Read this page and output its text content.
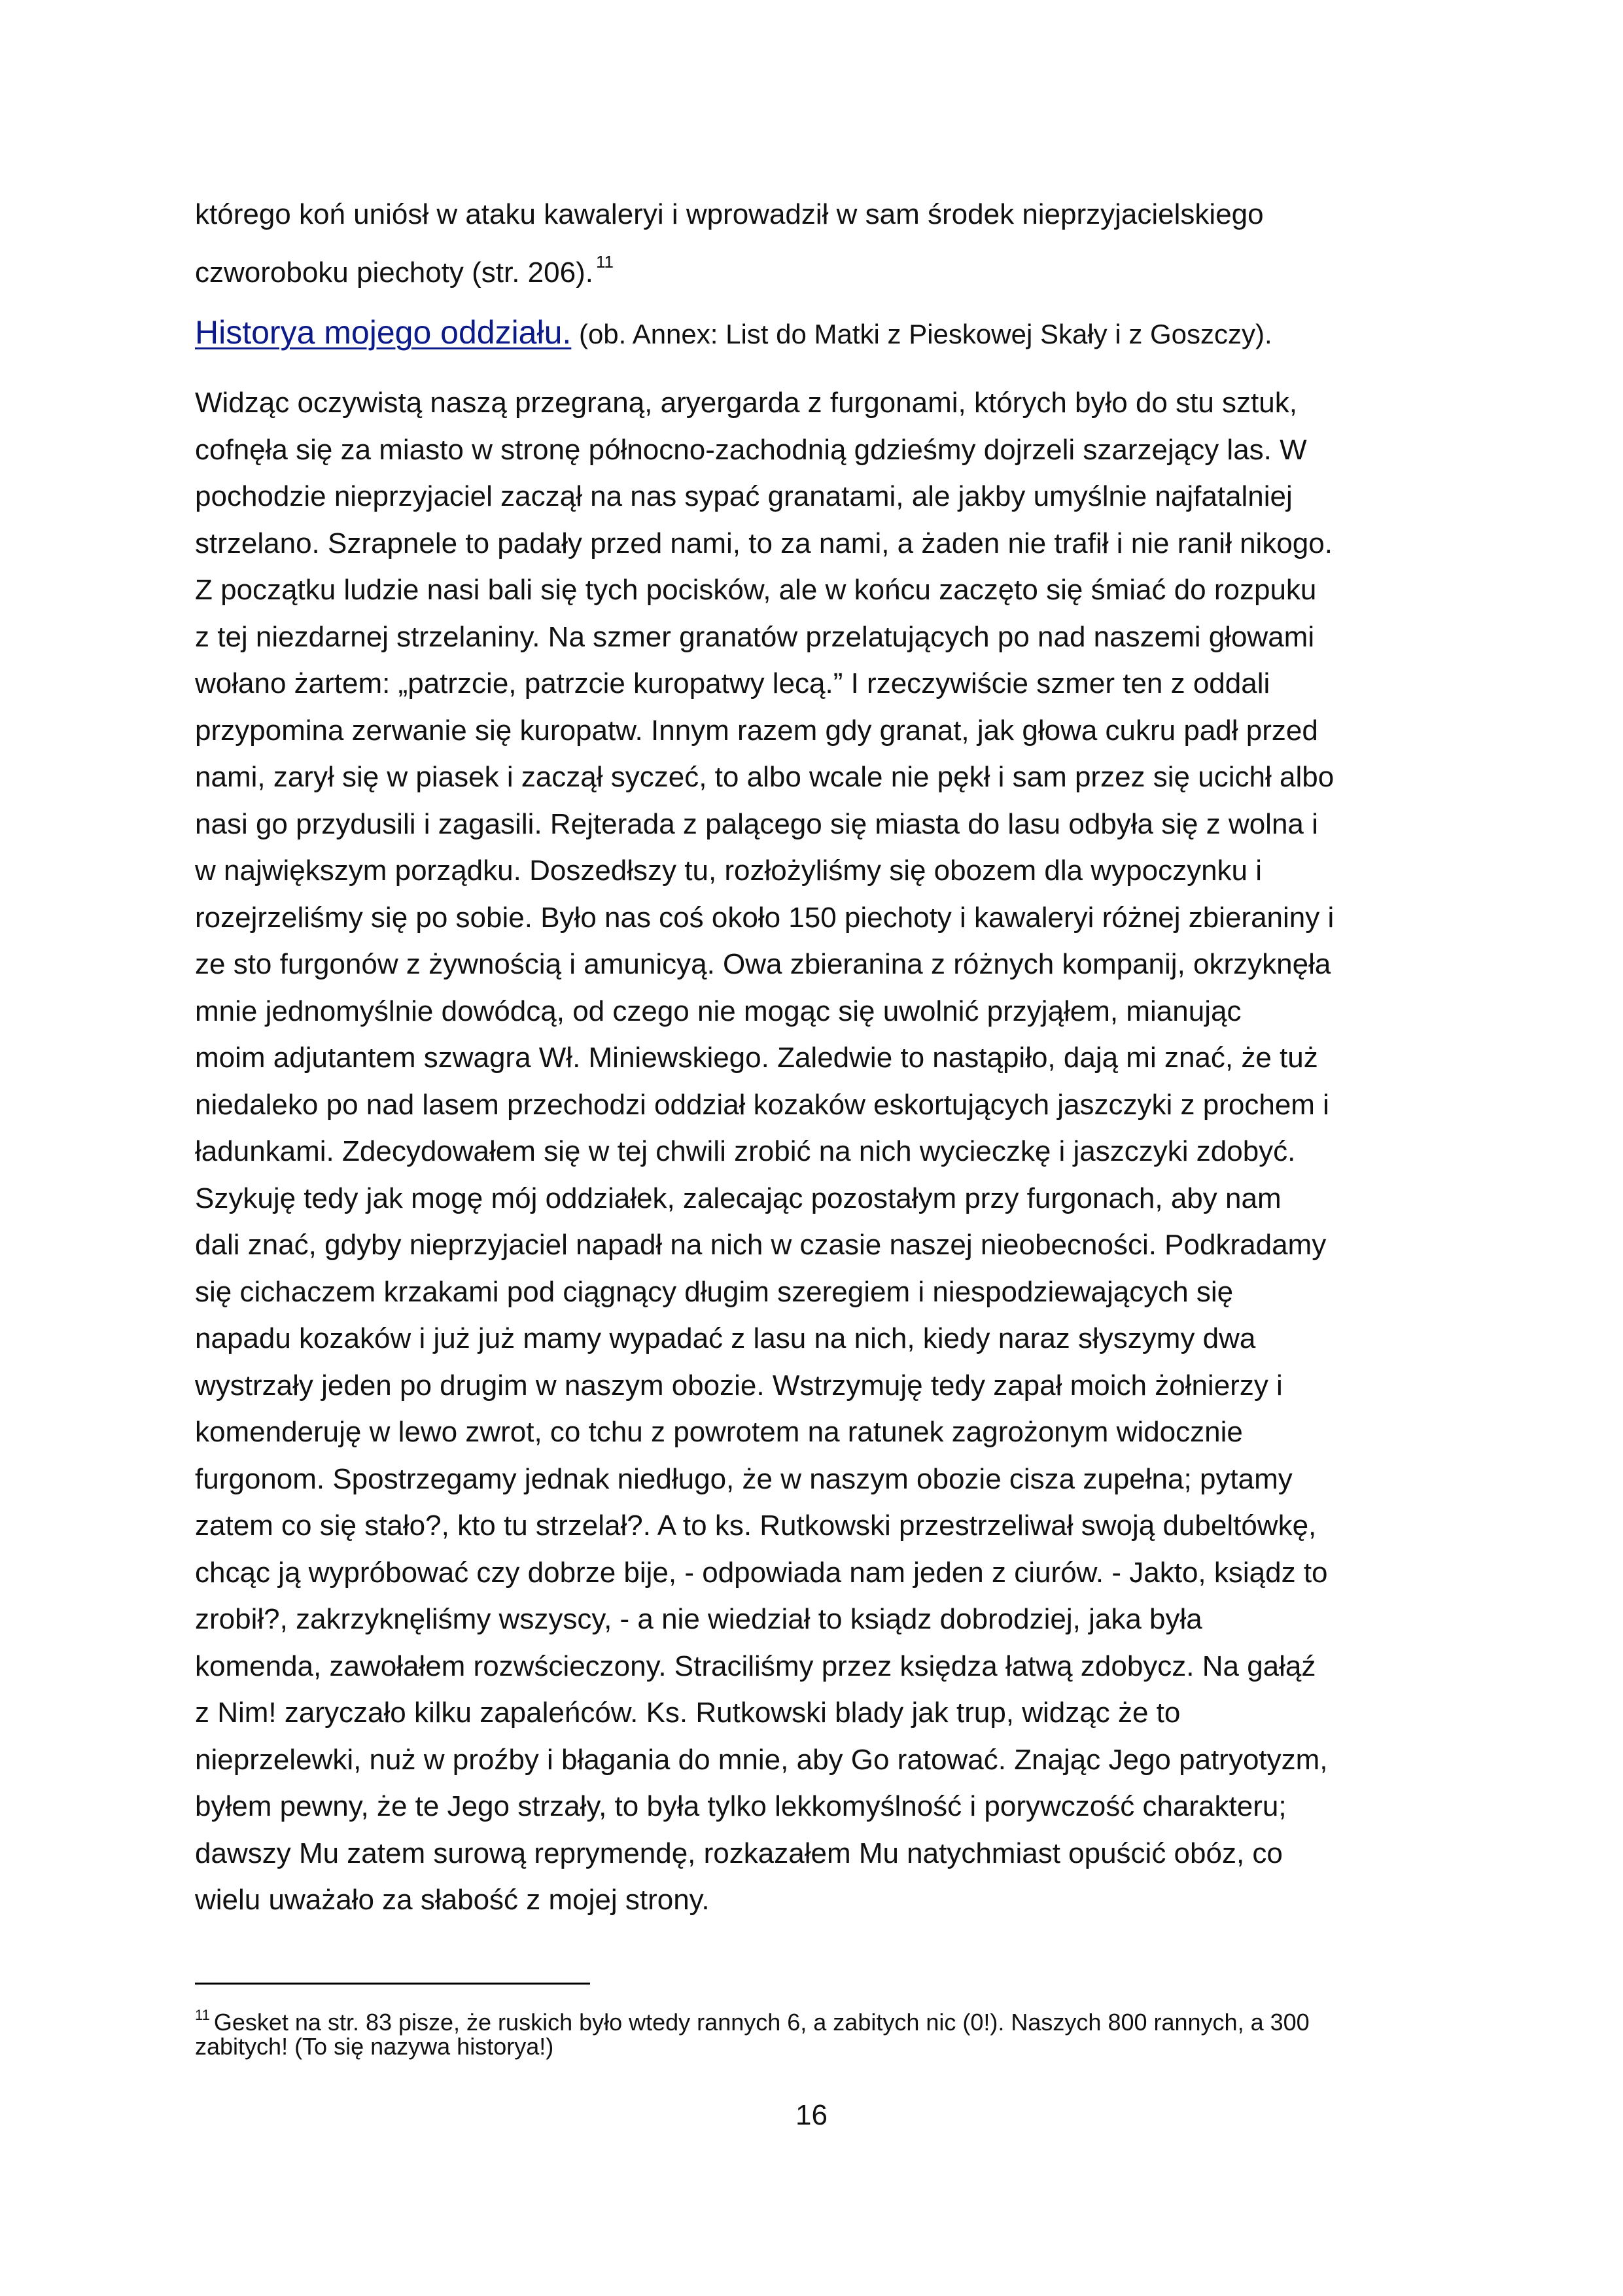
którego koń uniósł w ataku kawaleryi i wprowadził w sam środek nieprzyjacielskiego
czworoboku piechoty (str. 206). $^{11}$
Historya mojego oddziału. (ob. Annex: List do Matki z Pieskowej Skały i z Goszczy).
Widząc oczywistą naszą przegraną, aryergarda z furgonami, których było do stu sztuk,
cofnęła się za miasto w stronę północno-zachodnią gdzieśmy dojrzeli szarzejący las. W
pochodzie nieprzyjaciel zaczął na nas sypać granatami, ale jakby umyślnie najfatalniej
strzelano. Szrapnele to padały przed nami, to za nami, a żaden nie trafił i nie ranił nikogo.
Z początku ludzie nasi bali się tych pocisków, ale w końcu zaczęto się śmiać do rozpuku
z tej niezdarnej strzelaniny. Na szmer granatów przelatujących po nad naszemi głowami
wołano żartem: „patrzcie, patrzcie kuropatwy lecą.” I rzeczywiście szmer ten z oddali
przypomina zerwanie się kuropatw. Innym razem gdy granat, jak głowa cukru padł przed
nami, zarył się w piasek i zaczął syczeć, to albo wcale nie pękł i sam przez się ucichł albo
nasi go przydusili i zagasili. Rejterada z palącego się miasta do lasu odbyła się z wolna i
w największym porządku. Doszedłszy tu, rozłożyliśmy się obozem dla wypoczynku i
rozejrzeliśmy się po sobie. Było nas coś około 150 piechoty i kawaleryi różnej zbieraniny i
ze sto furgonów z żywnością i amunicyą. Owa zbieranina z różnych kompanij, okrzyknęła
mnie jednomyślnie dowódcą, od czego nie mogąc się uwolnić przyjąłem, mianując
moim adjutantem szwagra Wł. Miniewskiego. Zaledwie to nastąpiło, dają mi znać, że tuż
niedaleko po nad lasem przechodzi oddział kozaków eskortujących jaszczyki z prochem i
ładunkami. Zdecydowałem się w tej chwili zrobić na nich wycieczkę i jaszczyki zdobyć.
Szykuję tedy jak mogę mój oddziałek, zalecając pozostałym przy furgonach, aby nam
dali znać, gdyby nieprzyjaciel napadł na nich w czasie naszej nieobecności. Podkradamy
się cichaczem krzakami pod ciągnący długim szeregiem i niespodziewających się
napadu kozaków i już już mamy wypadać z lasu na nich, kiedy naraz słyszymy dwa
wystrzały jeden po drugim w naszym obozie. Wstrzymuję tedy zapał moich żołnierzy i
komenderuję w lewo zwrot, co tchu z powrotem na ratunek zagrożonym widocznie
furgonom. Spostrzegamy jednak niedługo, że w naszym obozie cisza zupełna; pytamy
zatem co się stało?, kto tu strzelał?. A to ks. Rutkowski przestrzeliwał swoją dubeltówkę,
chcąc ją wypróbować czy dobrze bije, - odpowiada nam jeden z ciurów. - Jakto, ksiądz to
zrobił?, zakrzyknęliśmy wszyscy, - a nie wiedział to ksiądz dobrodziej, jaka była
komenda, zawołałem rozwścieczony. Straciliśmy przez księdza łatwą zdobycz. Na gałąź
z Nim! zaryczało kilku zapaleńców. Ks. Rutkowski blady jak trup, widząc że to
nieprzelewki, nuż w proźby i błagania do mnie, aby Go ratować. Znając Jego patryotyzm,
byłem pewny, że te Jego strzały, to była tylko lekkomyślność i porywczość charakteru;
dawszy Mu zatem surową reprymendę, rozkazałem Mu natychmiast opuścić obóz, co
wielu uważało za słabość z mojej strony.
$^{11}$ Gesket na str. 83 pisze, że ruskich było wtedy rannych 6, a zabitych nic (0!). Naszych 800 rannych, a 300
zabitych! (To się nazywa historya!)
16
